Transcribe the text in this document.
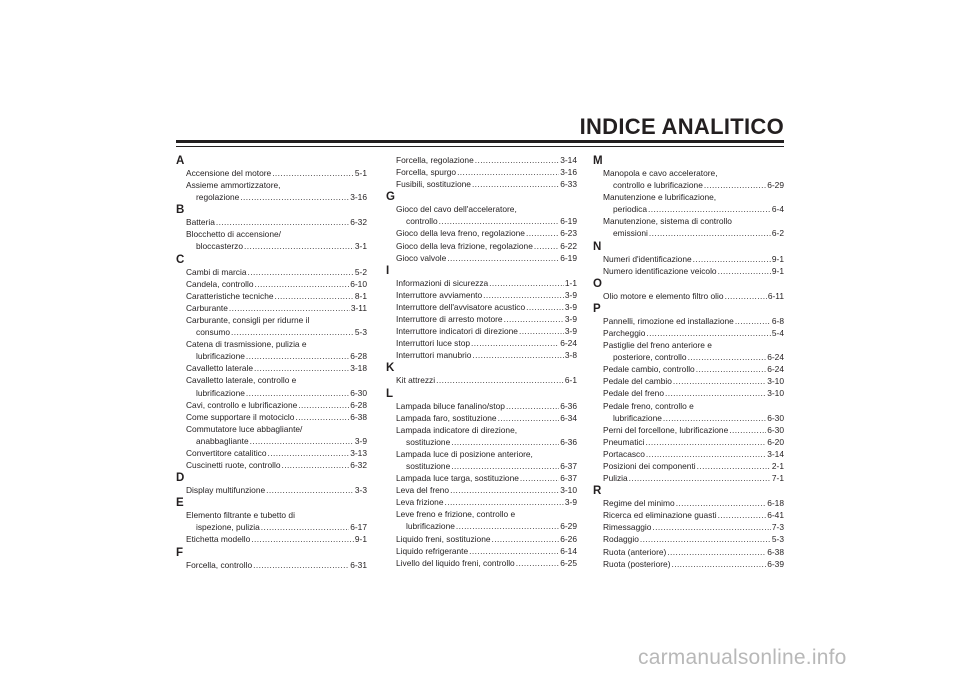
INDICE ANALITICO
A
Accensione del motore .....	5-1
Assieme ammortizzatore,
regolazione .....	3-16
B
Batteria .....	6-32
Blocchetto di accensione/
bloccasterzo .....	3-1
C
Cambi di marcia .....	5-2
Candela, controllo .....	6-10
Caratteristiche tecniche .....	8-1
Carburante .....	3-11
Carburante, consigli per ridurne il
consumo .....	5-3
Catena di trasmissione, pulizia e
lubrificazione .....	6-28
Cavalletto laterale .....	3-18
Cavalletto laterale, controllo e
lubrificazione .....	6-30
Cavi, controllo e lubrificazione .....	6-28
Come supportare il motociclo .....	6-38
Commutatore luce abbagliante/
anabbagliante .....	3-9
Convertitore catalitico .....	3-13
Cuscinetti ruote, controllo .....	6-32
D
Display multifunzione .....	3-3
E
Elemento filtrante e tubetto di
ispezione, pulizia .....	6-17
Etichetta modello .....	9-1
F
Forcella, controllo .....	6-31
Forcella, regolazione .....	3-14
Forcella, spurgo .....	3-16
Fusibili, sostituzione .....	6-33
G
Gioco del cavo dell'acceleratore,
controllo .....	6-19
Gioco della leva freno, regolazione .....	6-23
Gioco della leva frizione, regolazione .....	6-22
Gioco valvole .....	6-19
I
Informazioni di sicurezza .....	1-1
Interruttore avviamento .....	3-9
Interruttore dell'avvisatore acustico .....	3-9
Interruttore di arresto motore .....	3-9
Interruttore indicatori di direzione .....	3-9
Interruttori luce stop .....	6-24
Interruttori manubrio .....	3-8
K
Kit attrezzi .....	6-1
L
Lampada biluce fanalino/stop .....	6-36
Lampada faro, sostituzione .....	6-34
Lampada indicatore di direzione,
sostituzione .....	6-36
Lampada luce di posizione anteriore,
sostituzione .....	6-37
Lampada luce targa, sostituzione .....	6-37
Leva del freno .....	3-10
Leva frizione .....	3-9
Leve freno e frizione, controllo e
lubrificazione .....	6-29
Liquido freni, sostituzione .....	6-26
Liquido refrigerante .....	6-14
Livello del liquido freni, controllo .....	6-25
M
Manopola e cavo acceleratore,
controllo e lubrificazione .....	6-29
Manutenzione e lubrificazione,
periodica .....	6-4
Manutenzione, sistema di controllo
emissioni .....	6-2
N
Numeri d'identificazione .....	9-1
Numero identificazione veicolo .....	9-1
O
Olio motore e elemento filtro olio .....	6-11
P
Pannelli, rimozione ed installazione .....	6-8
Parcheggio .....	5-4
Pastiglie del freno anteriore e
posteriore, controllo .....	6-24
Pedale cambio, controllo .....	6-24
Pedale del cambio .....	3-10
Pedale del freno .....	3-10
Pedale freno, controllo e
lubrificazione .....	6-30
Perni del forcellone, lubrificazione .....	6-30
Pneumatici .....	6-20
Portacasco .....	3-14
Posizioni dei componenti .....	2-1
Pulizia .....	7-1
R
Regime del minimo .....	6-18
Ricerca ed eliminazione guasti .....	6-41
Rimessaggio .....	7-3
Rodaggio .....	5-3
Ruota (anteriore) .....	6-38
Ruota (posteriore) .....	6-39
carmanualsonline.info
